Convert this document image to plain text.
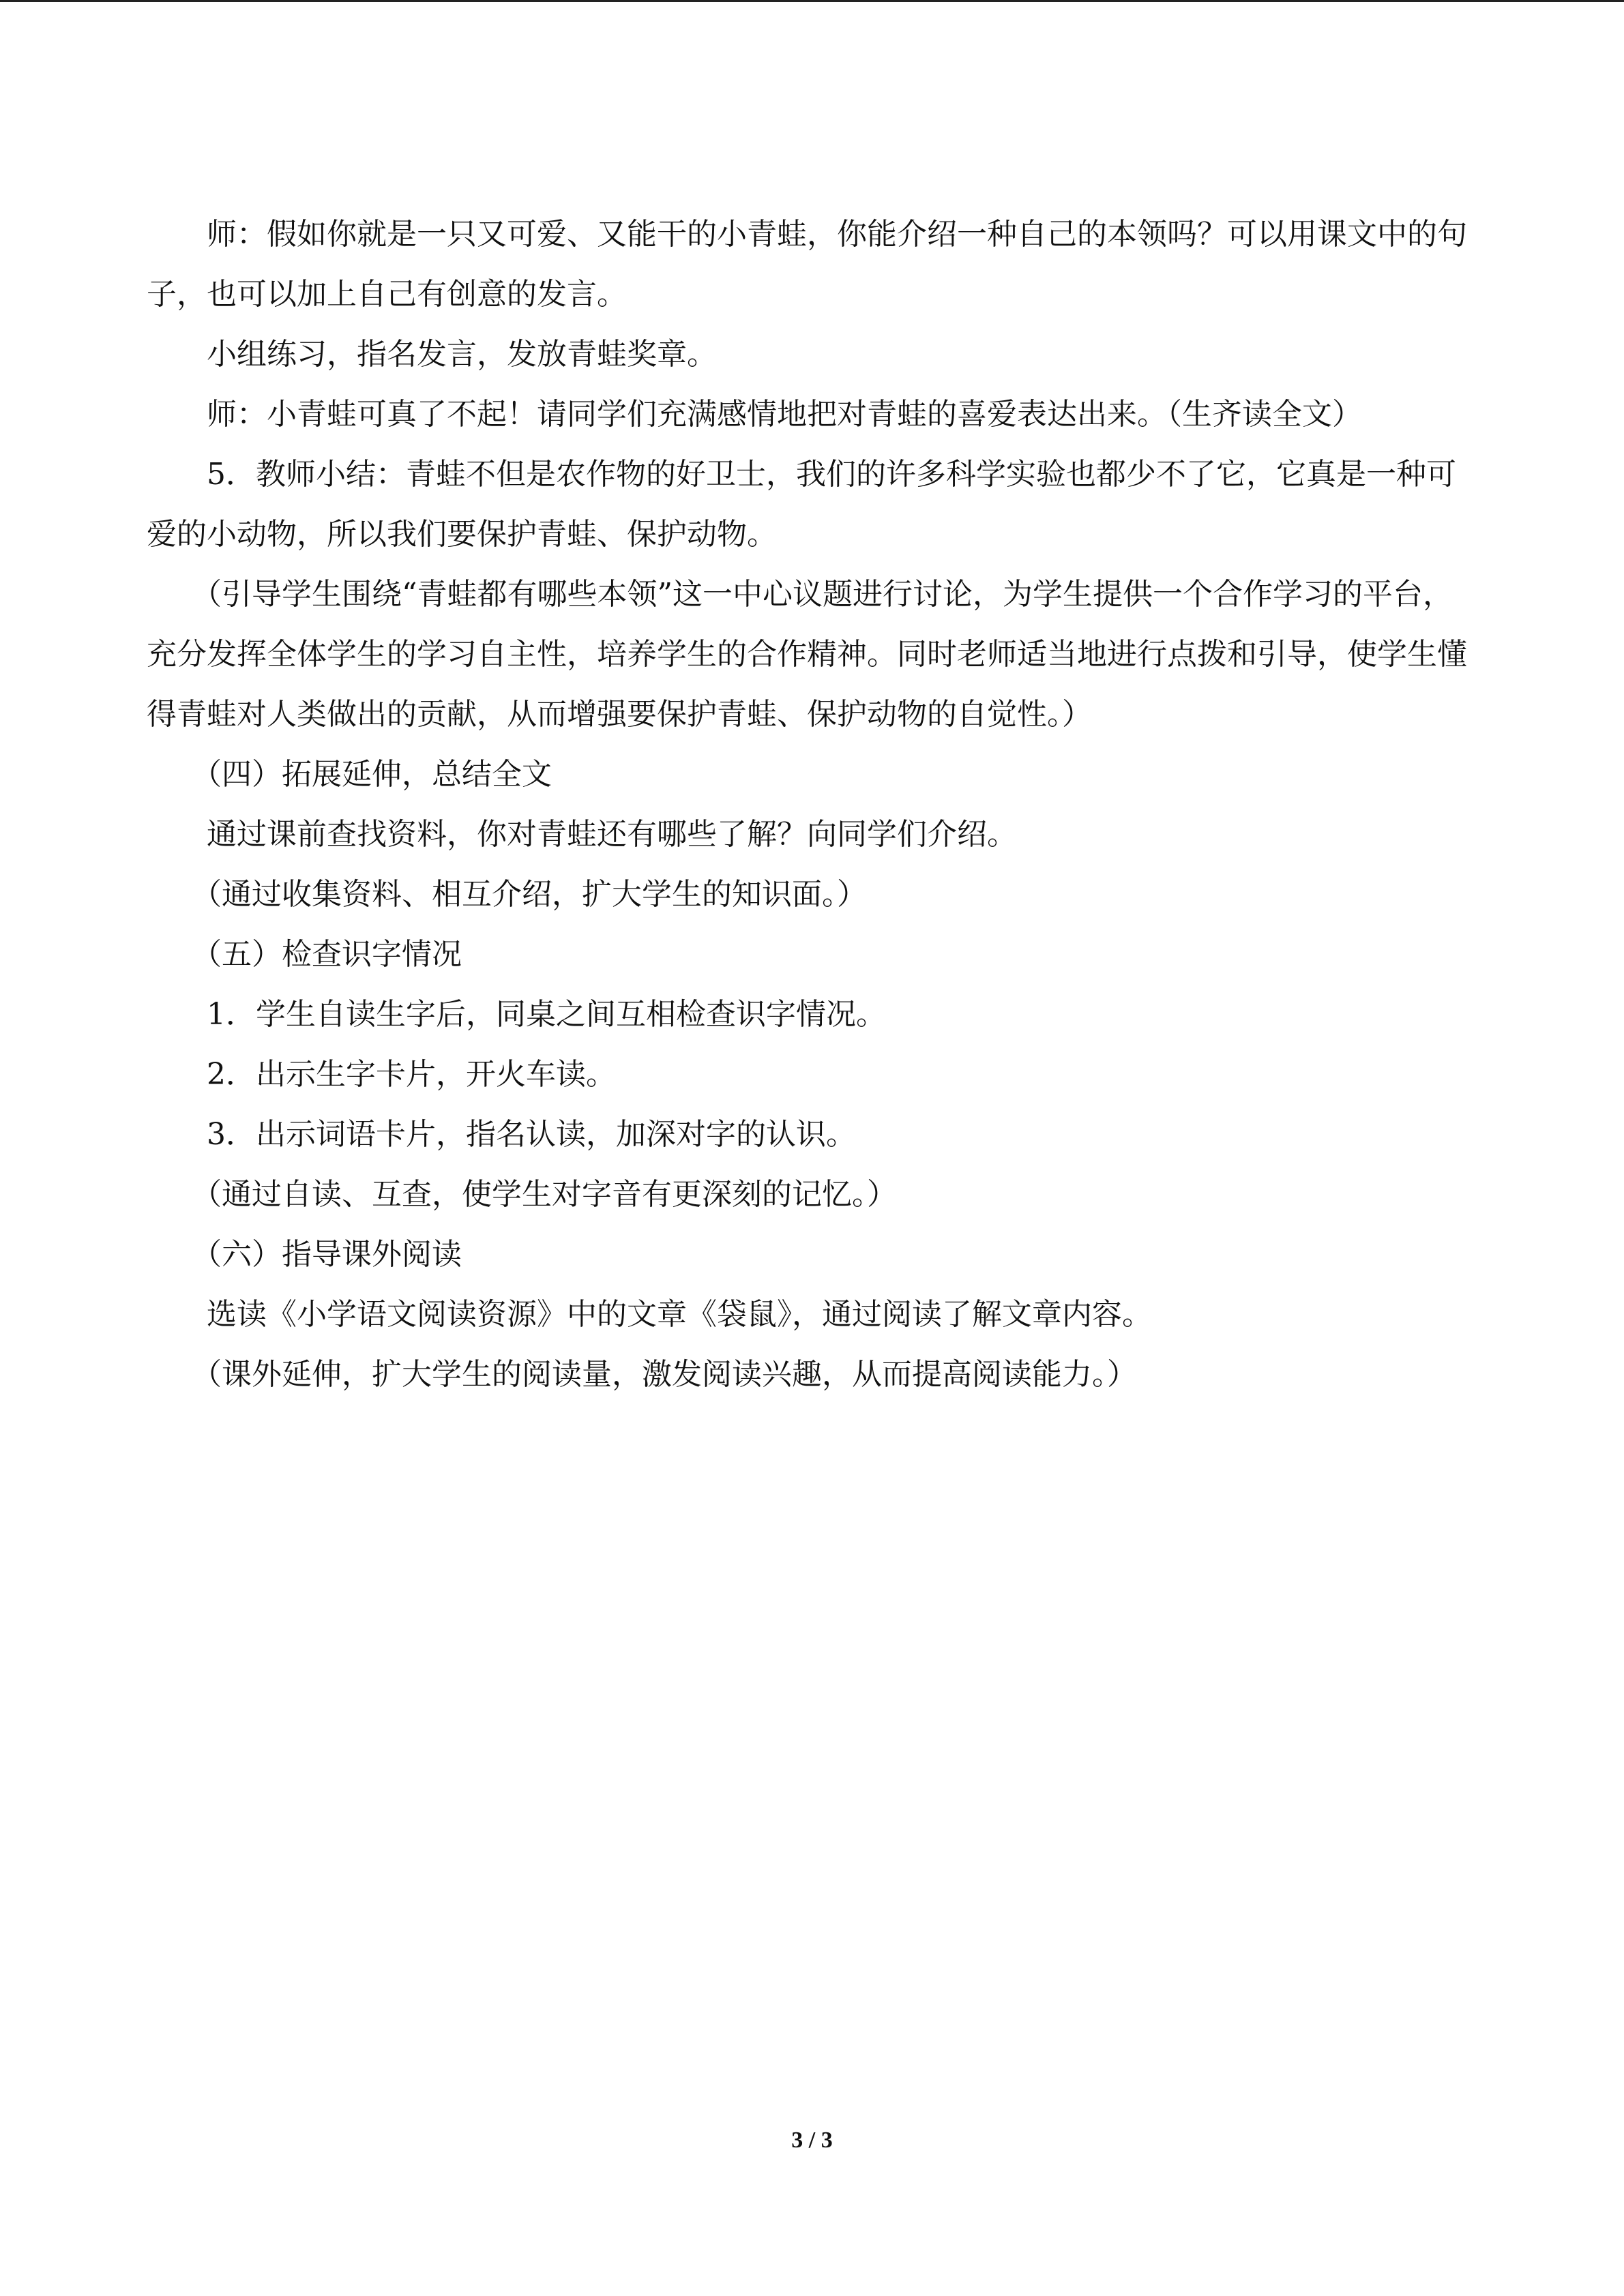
　　师：假如你就是一只又可爱、又能干的小青蛙，你能介绍一种自己的本领吗？可以用课文中的句子，也可以加上自己有创意的发言。

　　小组练习，指名发言，发放青蛙奖章。

　　师：小青蛙可真了不起！请同学们充满感情地把对青蛙的喜爱表达出来。（生齐读全文）

　　5．教师小结：青蛙不但是农作物的好卫士，我们的许多科学实验也都少不了它，它真是一种可爱的小动物，所以我们要保护青蛙、保护动物。

　　（引导学生围绕“青蛙都有哪些本领”这一中心议题进行讨论，为学生提供一个合作学习的平台，充分发挥全体学生的学习自主性，培养学生的合作精神。同时老师适当地进行点拨和引导，使学生懂得青蛙对人类做出的贡献，从而增强要保护青蛙、保护动物的自觉性。）

　　（四）拓展延伸，总结全文

　　通过课前查找资料，你对青蛙还有哪些了解？向同学们介绍。

　　（通过收集资料、相互介绍，扩大学生的知识面。）

　　（五）检查识字情况

　　1．学生自读生字后，同桌之间互相检查识字情况。

　　2．出示生字卡片，开火车读。

　　3．出示词语卡片，指名认读，加深对字的认识。

　　（通过自读、互查，使学生对字音有更深刻的记忆。）

　　（六）指导课外阅读

　　选读《小学语文阅读资源》中的文章《袋鼠》，通过阅读了解文章内容。

　　（课外延伸，扩大学生的阅读量，激发阅读兴趣，从而提高阅读能力。）

3 / 3
